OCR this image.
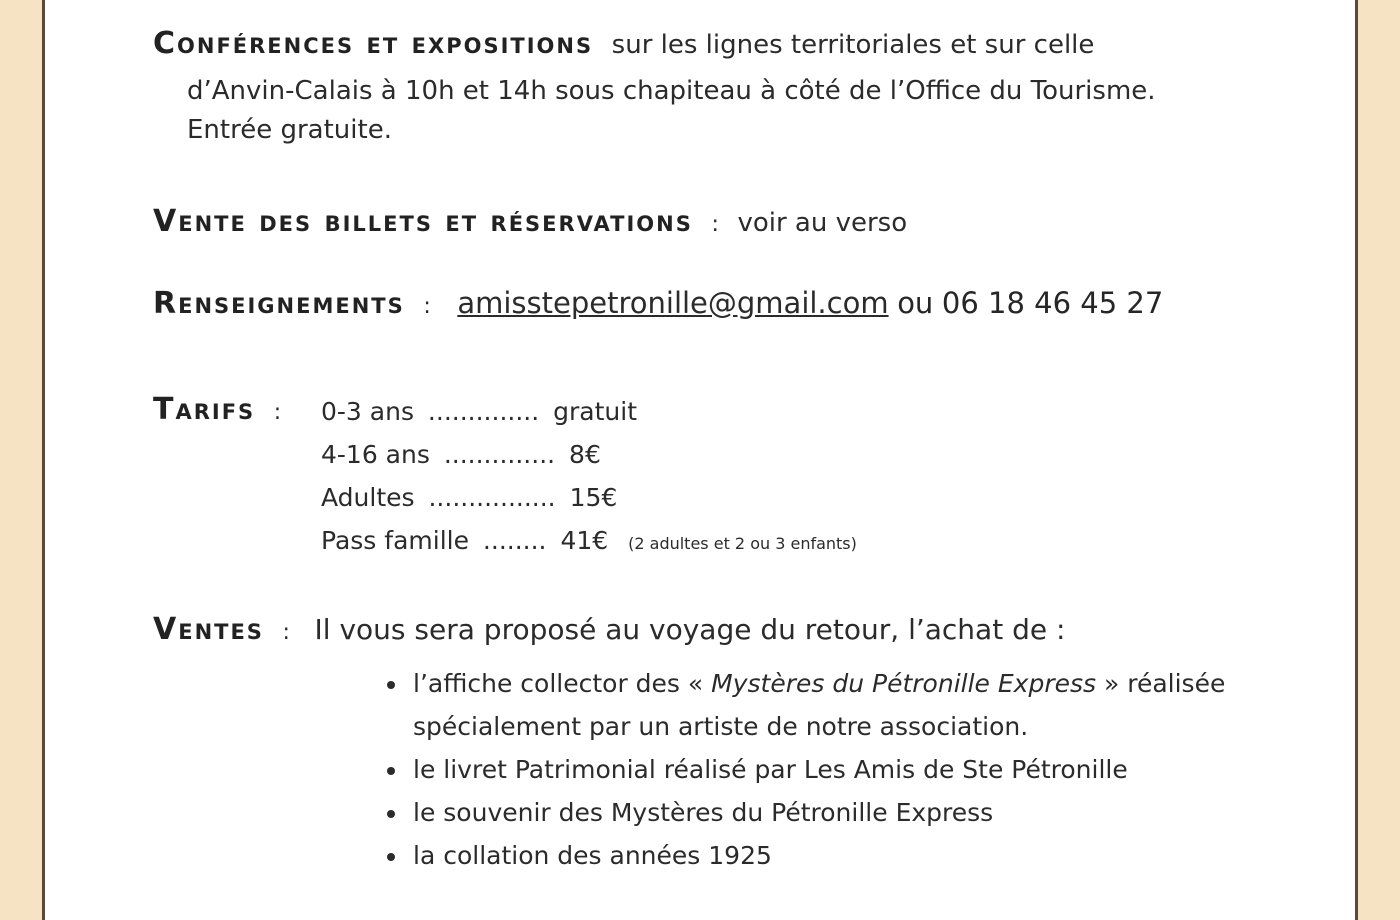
Conférences et expositions sur les lignes territoriales et sur celle
d’Anvin-Calais à 10h et 14h sous chapiteau à côté de l’Office du Tourisme.
Entrée gratuite.
Vente des billets et réservations : voir au verso
Renseignements : amisstepetronille@gmail.com ou 06 18 46 45 27
Tarifs :	0-3 ans .............. gratuit
4-16 ans .............. 8€
Adultes ................ 15€
Pass famille ........ 41€ (2 adultes et 2 ou 3 enfants)
Ventes : Il vous sera proposé au voyage du retour, l’achat de :
• l’affiche collector des « Mystères du Pétronille Express » réalisée spécialement par un artiste de notre association.
• le livret Patrimonial réalisé par Les Amis de Ste Pétronille
• le souvenir des Mystères du Pétronille Express
• la collation des années 1925
